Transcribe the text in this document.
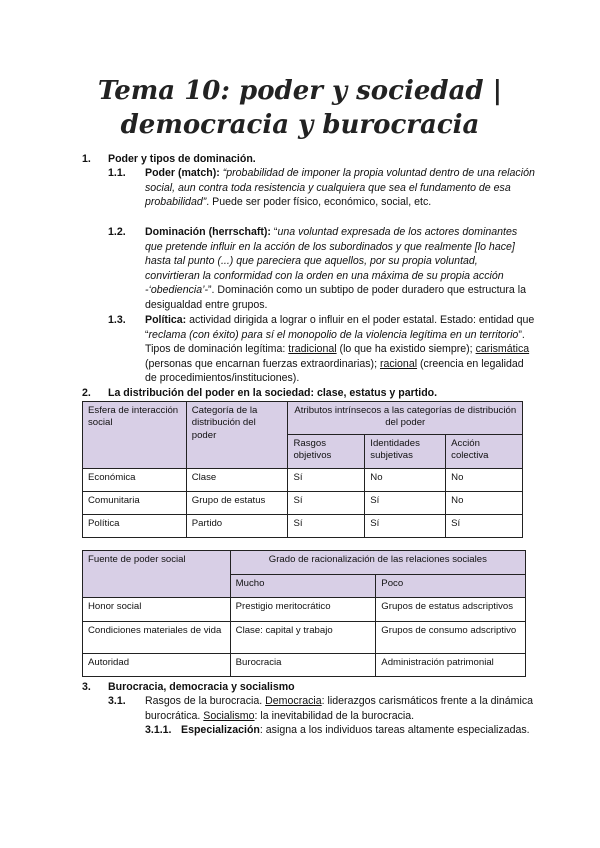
Tema 10: poder y sociedad | democracia y burocracia
1. Poder y tipos de dominación.
1.1. Poder (match): “probabilidad de imponer la propia voluntad dentro de una relación social, aun contra toda resistencia y cualquiera que sea el fundamento de esa probabilidad”. Puede ser poder físico, económico, social, etc.
1.2. Dominación (herrschaft): “una voluntad expresada de los actores dominantes que pretende influir en la acción de los subordinados y que realmente [lo hace] hasta tal punto (...) que pareciera que aquellos, por su propia voluntad, convirtieran la conformidad con la orden en una máxima de su propia acción -‘obediencia’-”. Dominación como un subtipo de poder duradero que estructura la desigualdad entre grupos.
1.3. Política: actividad dirigida a lograr o influir en el poder estatal. Estado: entidad que “reclama (con éxito) para sí el monopolio de la violencia legítima en un territorio”. Tipos de dominación legítima: tradicional (lo que ha existido siempre); carismática (personas que encarnan fuerzas extraordinarias); racional (creencia en legalidad de procedimientos/instituciones).
2. La distribución del poder en la sociedad: clase, estatus y partido.
Esfera de interacción social	Categoría de la distribución del poder	Atributos intrínsecos a las categorías de distribución del poder		
		Rasgos objetivos	Identidades subjetivas	Acción colectiva
Económica	Clase	Sí	No	No
Comunitaria	Grupo de estatus	Sí	Sí	No
Política	Partido	Sí	Sí	Sí
Fuente de poder social	Grado de racionalización de las relaciones sociales	
	Mucho	Poco
Honor social	Prestigio meritocrático	Grupos de estatus adscriptivos
Condiciones materiales de vida	Clase: capital y trabajo	Grupos de consumo adscriptivo
Autoridad	Burocracia	Administración patrimonial
3. Burocracia, democracia y socialismo
3.1. Rasgos de la burocracia. Democracia: liderazgos carismáticos frente a la dinámica burocrática. Socialismo: la inevitabilidad de la burocracia.
3.1.1. Especialización: asigna a los individuos tareas altamente especializadas.
